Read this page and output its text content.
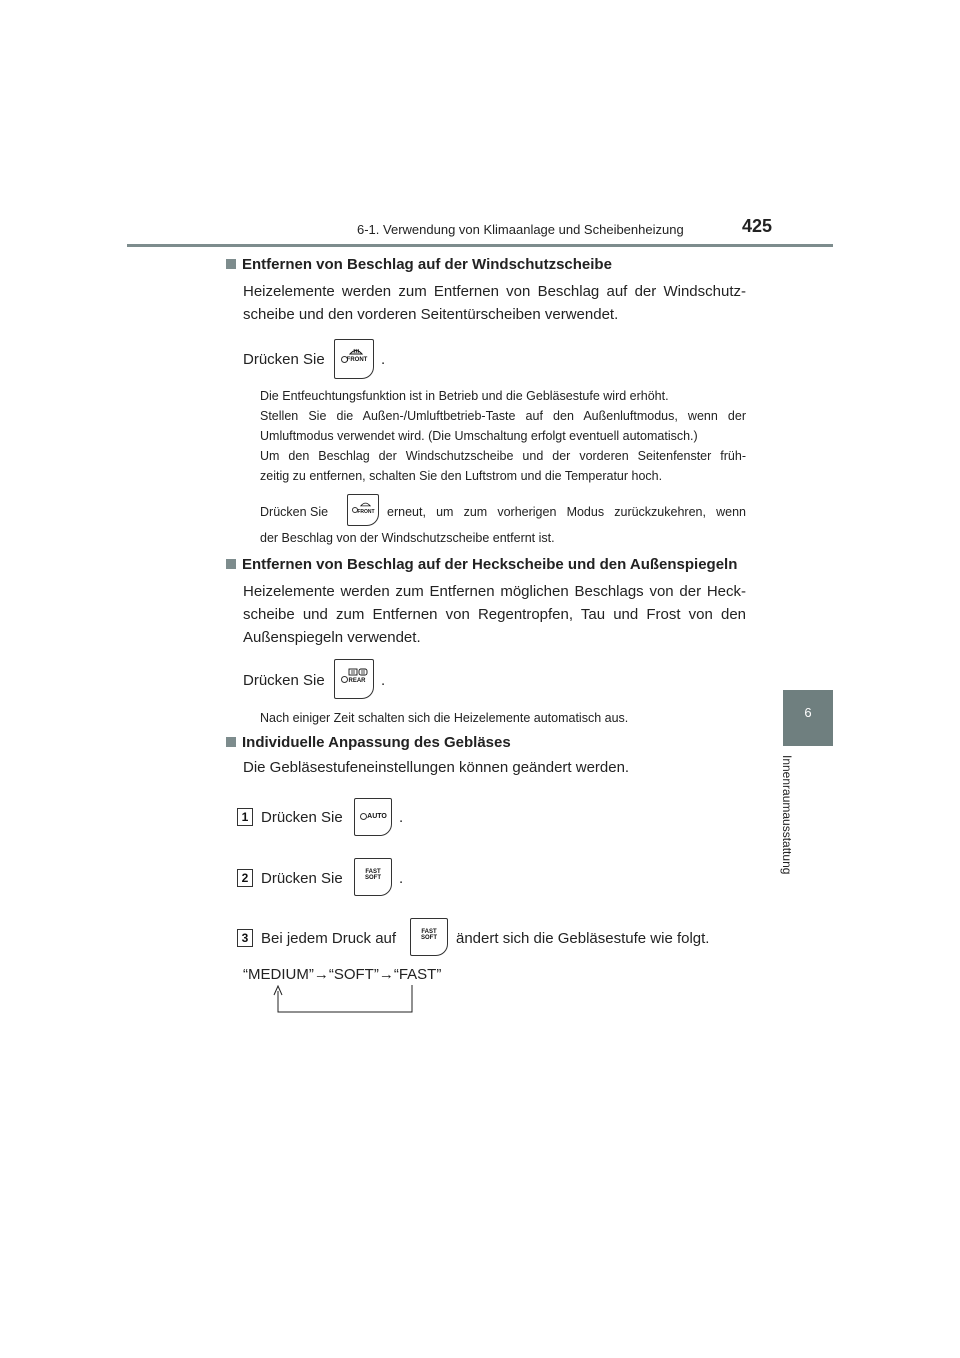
6-1. Verwendung von Klimaanlage und Scheibenheizung	425
6
Innenraumausstattung
Entfernen von Beschlag auf der Windschutzscheibe
Heizelemente werden zum Entfernen von Beschlag auf der Windschutz-
scheibe und den vorderen Seitentürscheiben verwendet.
Drücken Sie	FRONT .
Die Entfeuchtungsfunktion ist in Betrieb und die Gebläsestufe wird erhöht.
Stellen Sie die Außen-/Umluftbetrieb-Taste auf den Außenluftmodus, wenn der
Umluftmodus verwendet wird. (Die Umschaltung erfolgt eventuell automatisch.)
Um den Beschlag der Windschutzscheibe und der vorderen Seitenfenster früh-
zeitig zu entfernen, schalten Sie den Luftstrom und die Temperatur hoch.
Drücken Sie	FRONT erneut, um zum vorherigen Modus zurückzukehren, wenn
der Beschlag von der Windschutzscheibe entfernt ist.
Entfernen von Beschlag auf der Heckscheibe und den Außenspiegeln
Heizelemente werden zum Entfernen möglichen Beschlags von der Heck-
scheibe und zum Entfernen von Regentropfen, Tau und Frost von den
Außenspiegeln verwendet.
Drücken Sie	REAR .
Nach einiger Zeit schalten sich die Heizelemente automatisch aus.
Individuelle Anpassung des Gebläses
Die Gebläsestufeneinstellungen können geändert werden.
1 Drücken Sie	AUTO .
2 Drücken Sie	FAST
SOFT .
3 Bei jedem Druck auf	FAST
SOFT ändert sich die Gebläsestufe wie folgt.
“MEDIUM”→“SOFT”→“FAST”
